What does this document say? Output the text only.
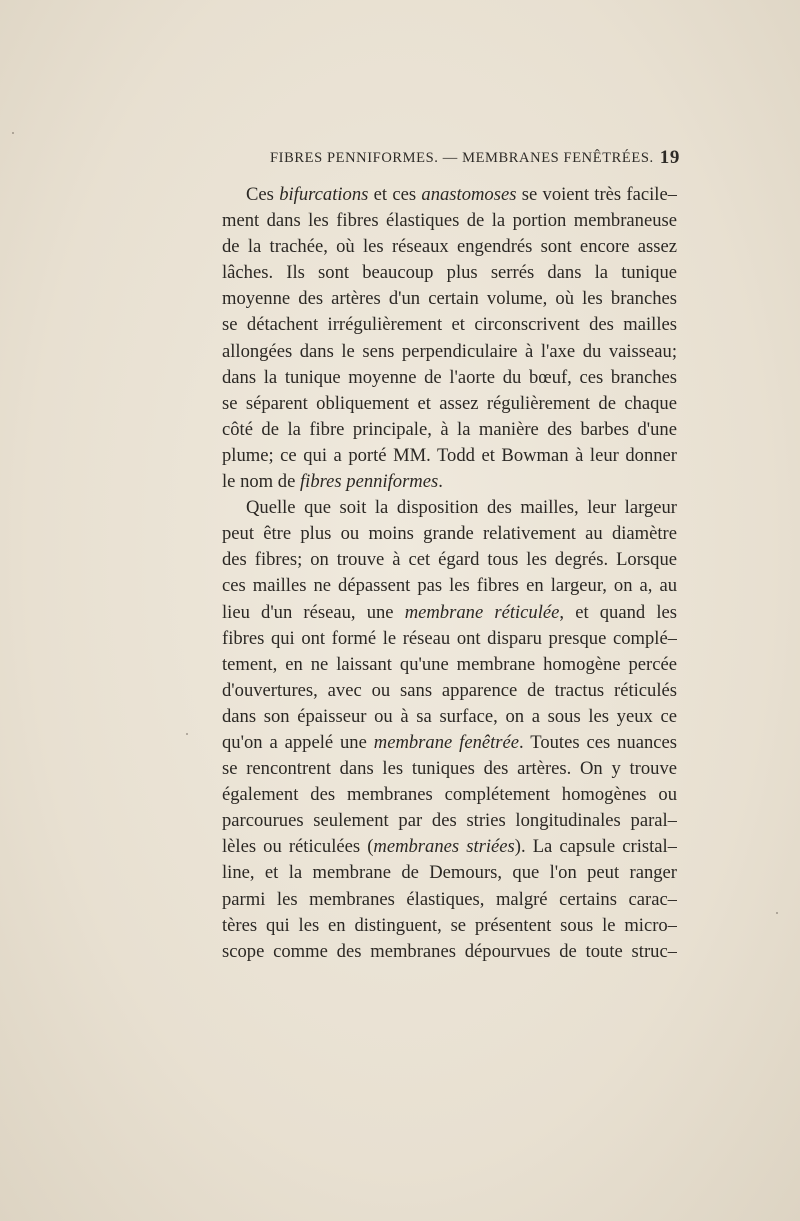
FIBRES PENNIFORMES. — MEMBRANES FENÊTRÉES. 19
Ces bifurcations et ces anastomoses se voient très facile–
ment dans les fibres élastiques de la portion membraneuse
de la trachée, où les réseaux engendrés sont encore assez
lâches. Ils sont beaucoup plus serrés dans la tunique
moyenne des artères d'un certain volume, où les branches
se détachent irrégulièrement et circonscrivent des mailles
allongées dans le sens perpendiculaire à l'axe du vaisseau;
dans la tunique moyenne de l'aorte du bœuf, ces branches
se séparent obliquement et assez régulièrement de chaque
côté de la fibre principale, à la manière des barbes d'une
plume; ce qui a porté MM. Todd et Bowman à leur donner
le nom de fibres penniformes.
Quelle que soit la disposition des mailles, leur largeur
peut être plus ou moins grande relativement au diamètre
des fibres; on trouve à cet égard tous les degrés. Lorsque
ces mailles ne dépassent pas les fibres en largeur, on a, au
lieu d'un réseau, une membrane réticulée, et quand les
fibres qui ont formé le réseau ont disparu presque complé–
tement, en ne laissant qu'une membrane homogène percée
d'ouvertures, avec ou sans apparence de tractus réticulés
dans son épaisseur ou à sa surface, on a sous les yeux ce
qu'on a appelé une membrane fenêtrée. Toutes ces nuances
se rencontrent dans les tuniques des artères. On y trouve
également des membranes complétement homogènes ou
parcourues seulement par des stries longitudinales paral–
lèles ou réticulées (membranes striées). La capsule cristal–
line, et la membrane de Demours, que l'on peut ranger
parmi les membranes élastiques, malgré certains carac–
tères qui les en distinguent, se présentent sous le micro–
scope comme des membranes dépourvues de toute struc–
